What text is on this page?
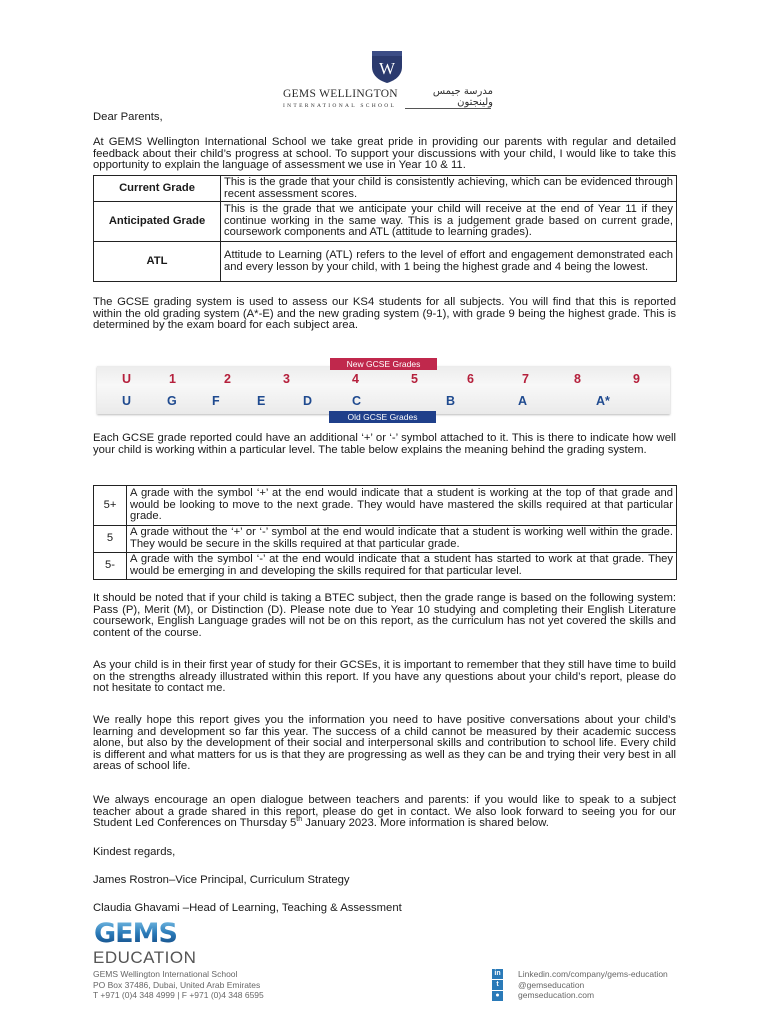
W
GEMS WELLINGTON
INTERNATIONAL SCHOOL
مدرسة جيمس ولينجتون

Dear Parents,

At GEMS Wellington International School we take great pride in providing our parents with regular and detailed feedback about their child’s progress at school. To support your discussions with your child, I would like to take this opportunity to explain the language of assessment we use in Year 10 & 11.

Current Grade	This is the grade that your child is consistently achieving, which can be evidenced through recent assessment scores.
Anticipated Grade	This is the grade that we anticipate your child will receive at the end of Year 11 if they continue working in the same way. This is a judgement grade based on current grade, coursework components and ATL (attitude to learning grades).
ATL	Attitude to Learning (ATL) refers to the level of effort and engagement demonstrated each and every lesson by your child, with 1 being the highest grade and 4 being the lowest.

The GCSE grading system is used to assess our KS4 students for all subjects. You will find that this is reported within the old grading system (A*-E) and the new grading system (9-1), with grade 9 being the highest grade. This is determined by the exam board for each subject area.

New GCSE Grades
Old GCSE Grades
U	1	2	3	4	5	6	7	8	9
U	G	F	E	D	C	B	A	A*

Each GCSE grade reported could have an additional ‘+’ or ‘-’ symbol attached to it. This is there to indicate how well your child is working within a particular level. The table below explains the meaning behind the grading system.

5+	A grade with the symbol ‘+’ at the end would indicate that a student is working at the top of that grade and would be looking to move to the next grade. They would have mastered the skills required at that particular grade.
5	A grade without the ‘+’ or ‘-’ symbol at the end would indicate that a student is working well within the grade. They would be secure in the skills required at that particular grade.
5-	A grade with the symbol ‘-’ at the end would indicate that a student has started to work at that grade. They would be emerging in and developing the skills required for that particular level.

It should be noted that if your child is taking a BTEC subject, then the grade range is based on the following system: Pass (P), Merit (M), or Distinction (D). Please note due to Year 10 studying and completing their English Literature coursework, English Language grades will not be on this report, as the curriculum has not yet covered the skills and content of the course.

As your child is in their first year of study for their GCSEs, it is important to remember that they still have time to build on the strengths already illustrated within this report. If you have any questions about your child’s report, please do not hesitate to contact me.

We really hope this report gives you the information you need to have positive conversations about your child’s learning and development so far this year. The success of a child cannot be measured by their academic success alone, but also by the development of their social and interpersonal skills and contribution to school life. Every child is different and what matters for us is that they are progressing as well as they can be and trying their very best in all areas of school life.

We always encourage an open dialogue between teachers and parents: if you would like to speak to a subject teacher about a grade shared in this report, please do get in contact. We also look forward to seeing you for our Student Led Conferences on Thursday 5th January 2023. More information is shared below.

Kindest regards,

James Rostron–Vice Principal, Curriculum Strategy

Claudia Ghavami –Head of Learning, Teaching & Assessment

GEMS
EDUCATION
GEMS Wellington International School
PO Box 37486, Dubai, United Arab Emirates
T +971 (0)4 348 4999 | F +971 (0)4 348 6595
in
t
●
Linkedin.com/company/gems-education
@gemseducation
gemseducation.com
